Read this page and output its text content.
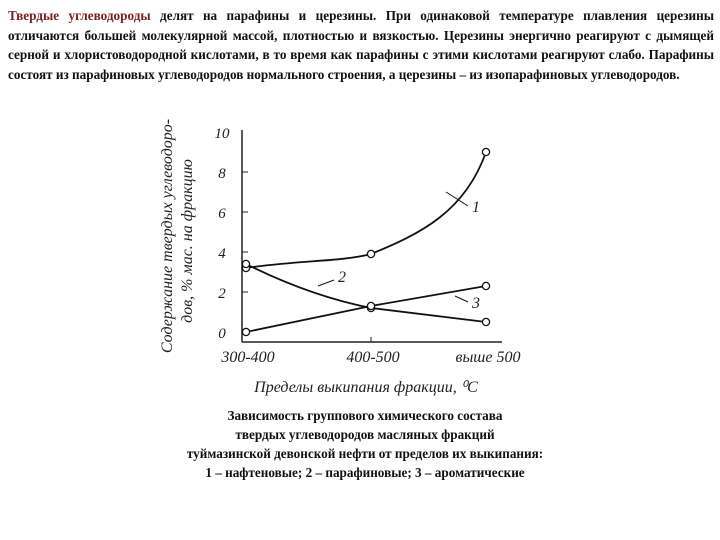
Твердые углеводороды делят на парафины и церезины. При одинаковой температуре плавления церезины отличаются большей молекулярной массой, плотностью и вязкостью. Церезины энергично реагируют с дымящей серной и хлористоводородной кислотами, в то время как парафины с этими кислотами реагируют слабо. Парафины состоят из парафиновых углеводородов нормального строения, а церезины – из изопарафиновых углеводородов.
0
2
4
6
8
10
300-400	400-500	выше 500
1
2
3
Содержание твердых углеводоро- дов, % мас. на фракцию
Пределы выкипания фракции, ⁰С
Зависимость группового химического состава
твердых углеводородов масляных фракций
туймазинской девонской нефти от пределов их выкипания:
1 – нафтеновые; 2 – парафиновые; 3 – ароматические
